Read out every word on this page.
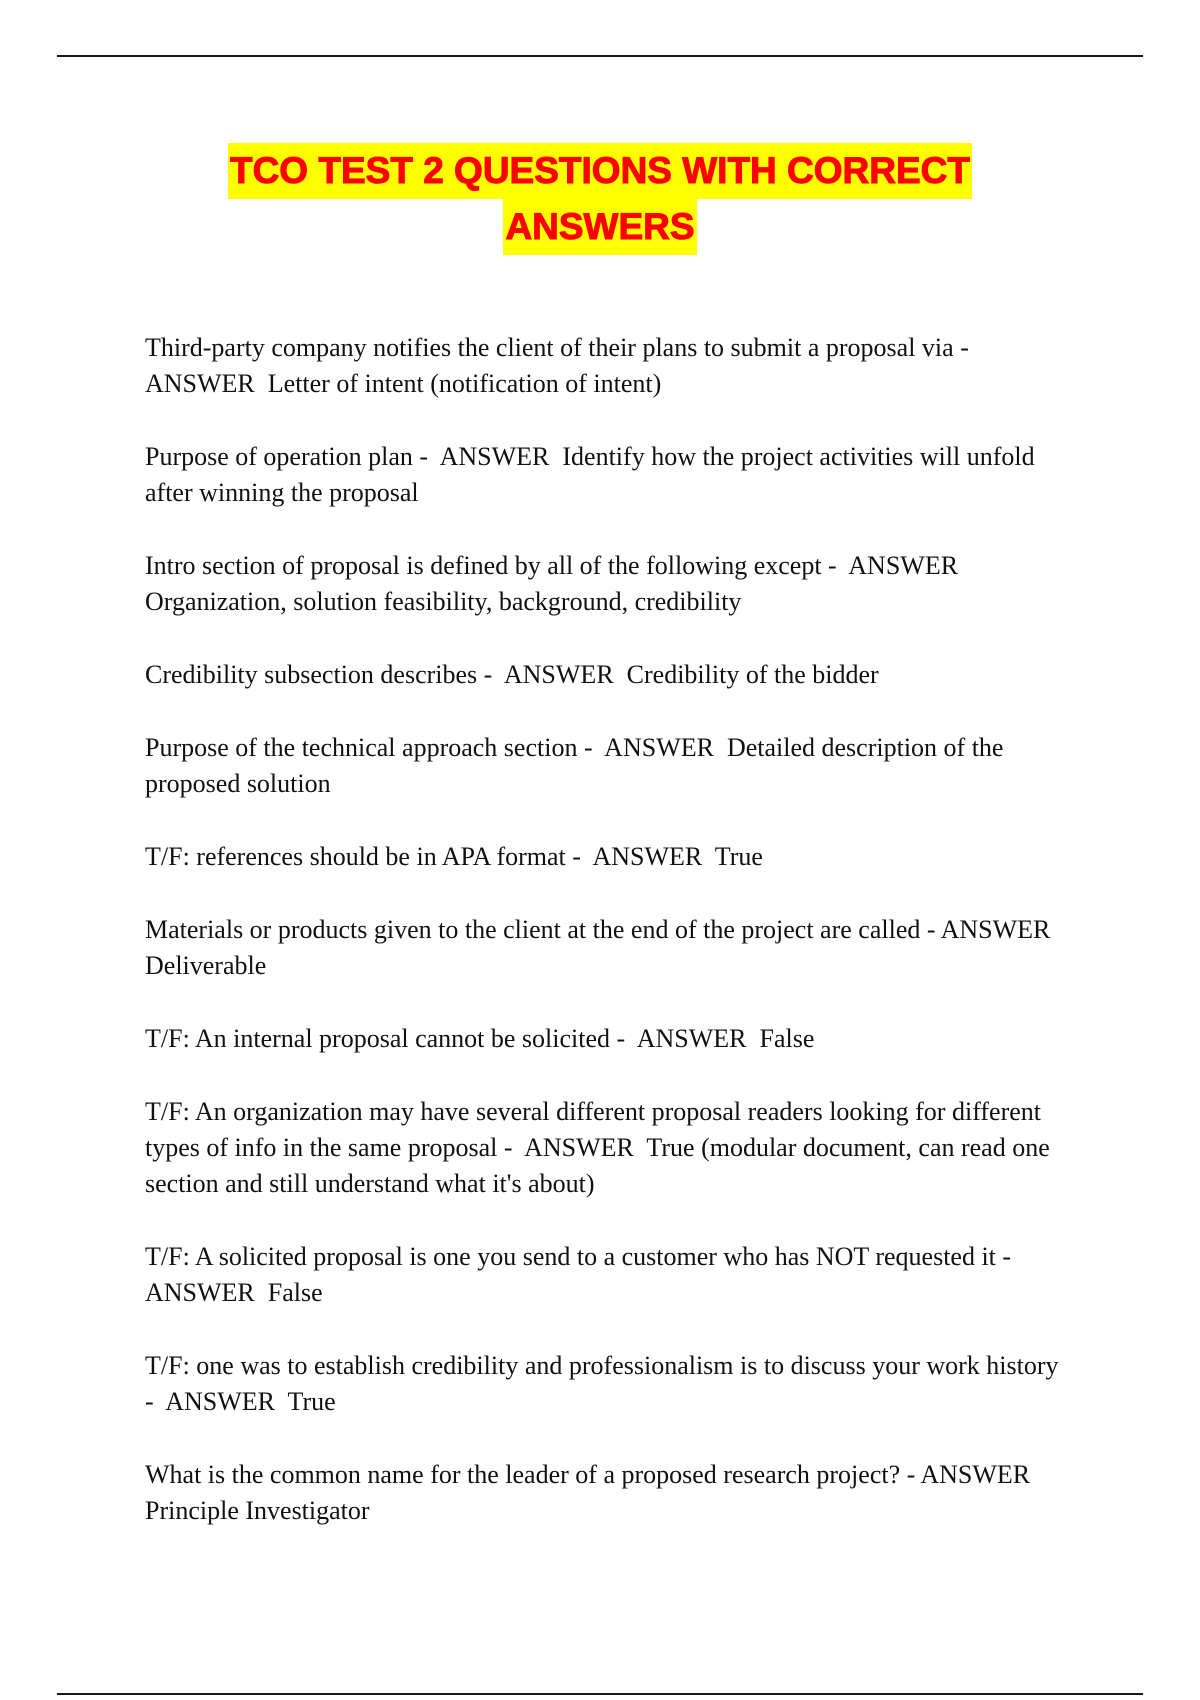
TCO TEST 2 QUESTIONS WITH CORRECT
ANSWERS

Third-party company notifies the client of their plans to submit a proposal via - ANSWER  Letter of intent (notification of intent)

Purpose of operation plan -  ANSWER  Identify how the project activities will unfold after winning the proposal

Intro section of proposal is defined by all of the following except -  ANSWER Organization, solution feasibility, background, credibility

Credibility subsection describes -  ANSWER  Credibility of the bidder

Purpose of the technical approach section -  ANSWER  Detailed description of the proposed solution

T/F: references should be in APA format -  ANSWER  True

Materials or products given to the client at the end of the project are called - ANSWER  Deliverable

T/F: An internal proposal cannot be solicited -  ANSWER  False

T/F: An organization may have several different proposal readers looking for different types of info in the same proposal -  ANSWER  True (modular document, can read one section and still understand what it's about)

T/F: A solicited proposal is one you send to a customer who has NOT requested it -  ANSWER  False

T/F: one was to establish credibility and professionalism is to discuss your work history -  ANSWER  True

What is the common name for the leader of a proposed research project? - ANSWER  Principle Investigator
